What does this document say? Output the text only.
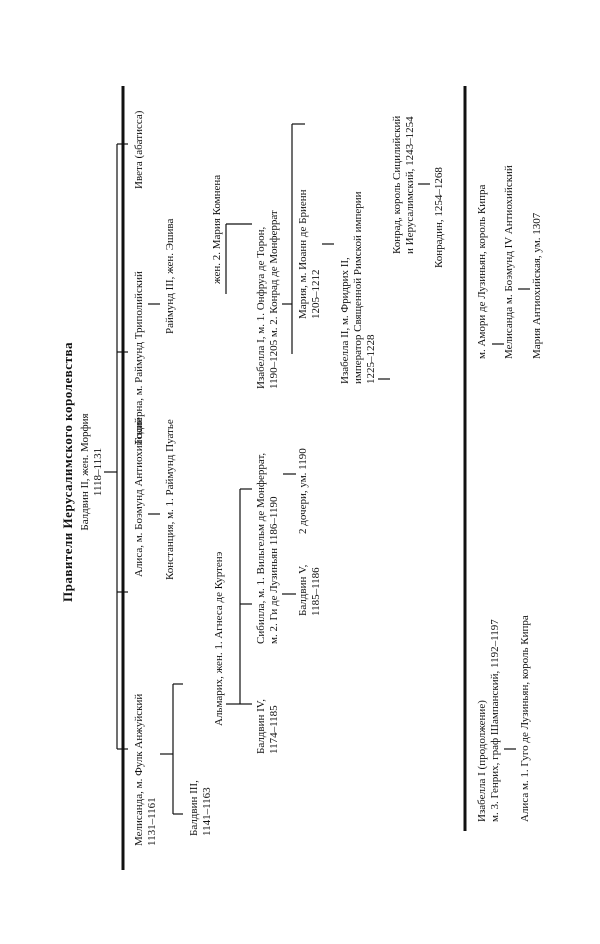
Правители Иерусалимского королевства Балдвин II, жен. Морфия 1118–1131
Мелисанда, м. Фулк Анжуйский 1131–1161
Алиса, м. Боэмунд Антиохийский
Годиерна, м. Раймунд Триполийский
Ивета (абатисса)
Балдвин III, 1141–1163
Альмарих, жен. 1. Агнеса де Куртенэ
Констанция, м. 1. Раймунд Пуатье
Раймунд III, жен. Эшива	жен. 2. Мария Комнена
Балдвин IV, 1174–1185
Сибилла, м. 1. Вильгельм де Монферрат, м. 2. Ги де Лузиньян 1186–1190
Изабелла I, м. 1. Онфруа де Торон, 1190–1205 м. 2. Конрад де Монферрат
2 дочери, ум. 1190
Балдвин V, 1185–1186
Мария, м. Иоанн де Бриенн 1205–1212 Изабелла II, м. Фридрих II, император Священной Римской империи 1225–1228
Конрад, король Сицилийский и Иерусалимский, 1243–1254 Конрадин, 1254–1268
Изабелла I (продолжение) м. 3. Генрих, граф Шампанский, 1192–1197 Алиса м. 1. Гуго де Лузиньян, король Кипра
м. Амори де Лузиньян, король Кипра Мелисанда м. Боэмунд IV Антиохийский Мария Антиохийская, ум. 1307
